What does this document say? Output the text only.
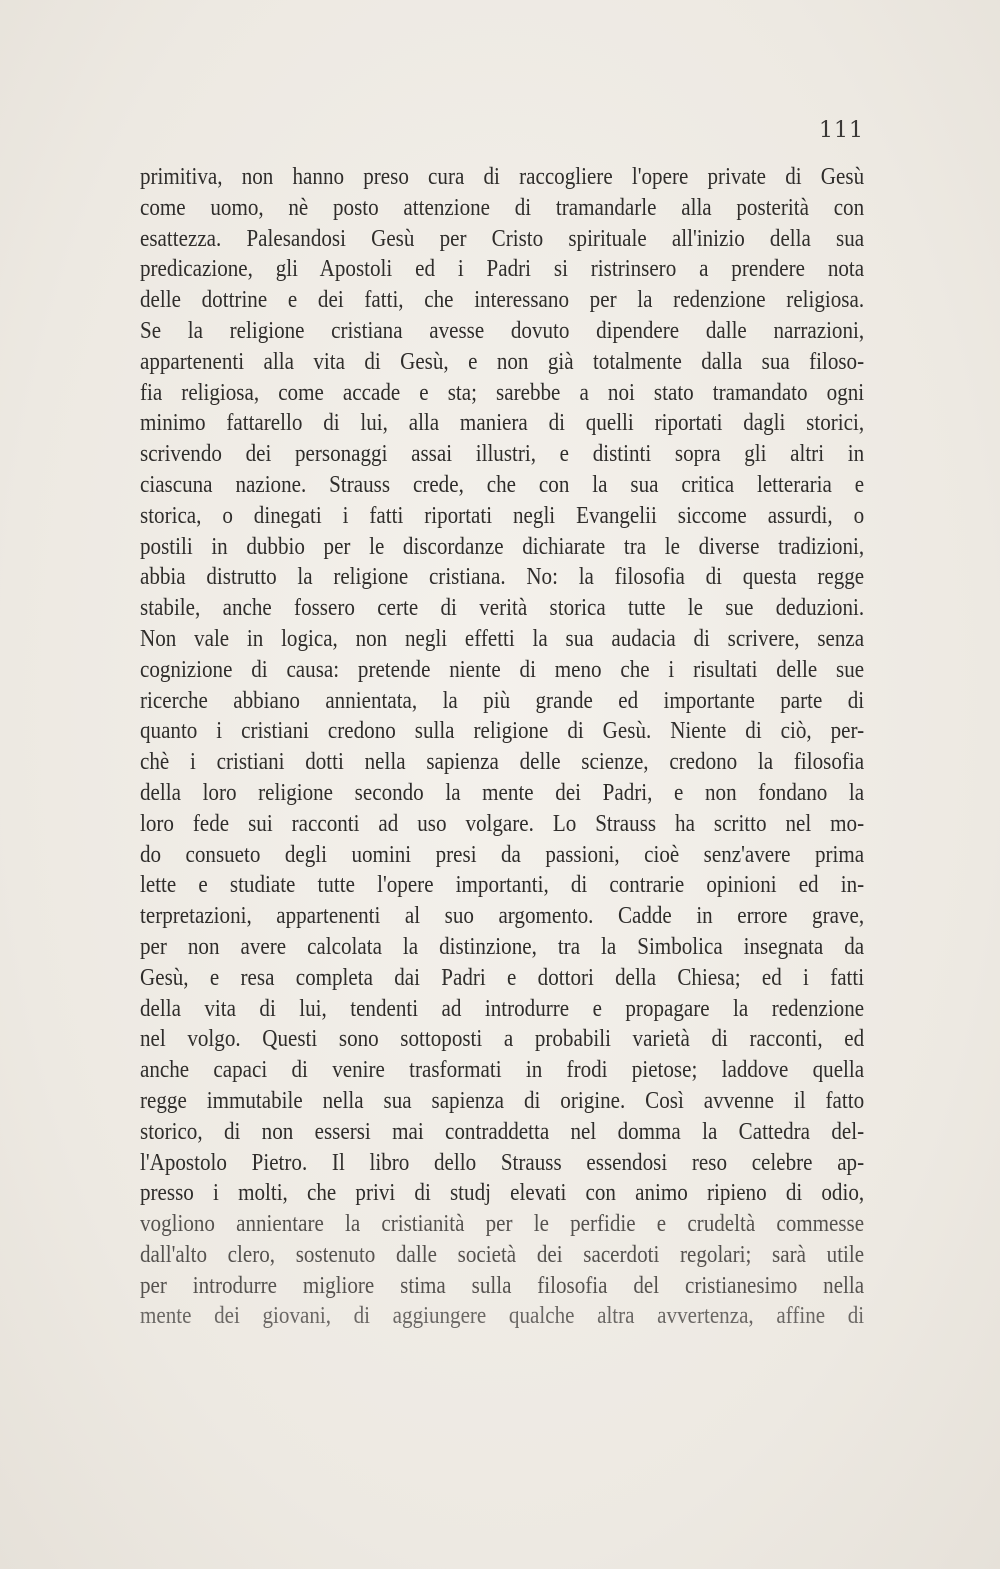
111
primitiva, non hanno preso cura di raccogliere l'opere private di Gesù
come uomo, nè posto attenzione di tramandarle alla posterità con
esattezza. Palesandosi Gesù per Cristo spirituale all'inizio della sua
predicazione, gli Apostoli ed i Padri si ristrinsero a prendere nota
delle dottrine e dei fatti, che interessano per la redenzione religiosa.
Se la religione cristiana avesse dovuto dipendere dalle narrazioni,
appartenenti alla vita di Gesù, e non già totalmente dalla sua filoso-
fia religiosa, come accade e sta; sarebbe a noi stato tramandato ogni
minimo fattarello di lui, alla maniera di quelli riportati dagli storici,
scrivendo dei personaggi assai illustri, e distinti sopra gli altri in
ciascuna nazione. Strauss crede, che con la sua critica letteraria e
storica, o dinegati i fatti riportati negli Evangelii siccome assurdi, o
postili in dubbio per le discordanze dichiarate tra le diverse tradizioni,
abbia distrutto la religione cristiana. No: la filosofia di questa regge
stabile, anche fossero certe di verità storica tutte le sue deduzioni.
Non vale in logica, non negli effetti la sua audacia di scrivere, senza
cognizione di causa: pretende niente di meno che i risultati delle sue
ricerche abbiano annientata, la più grande ed importante parte di
quanto i cristiani credono sulla religione di Gesù. Niente di ciò, per-
chè i cristiani dotti nella sapienza delle scienze, credono la filosofia
della loro religione secondo la mente dei Padri, e non fondano la
loro fede sui racconti ad uso volgare. Lo Strauss ha scritto nel mo-
do consueto degli uomini presi da passioni, cioè senz'avere prima
lette e studiate tutte l'opere importanti, di contrarie opinioni ed in-
terpretazioni, appartenenti al suo argomento. Cadde in errore grave,
per non avere calcolata la distinzione, tra la Simbolica insegnata da
Gesù, e resa completa dai Padri e dottori della Chiesa; ed i fatti
della vita di lui, tendenti ad introdurre e propagare la redenzione
nel volgo. Questi sono sottoposti a probabili varietà di racconti, ed
anche capaci di venire trasformati in frodi pietose; laddove quella
regge immutabile nella sua sapienza di origine. Così avvenne il fatto
storico, di non essersi mai contraddetta nel domma la Cattedra del-
l'Apostolo Pietro. Il libro dello Strauss essendosi reso celebre ap-
presso i molti, che privi di studj elevati con animo ripieno di odio,
vogliono annientare la cristianità per le perfidie e crudeltà commesse
dall'alto clero, sostenuto dalle società dei sacerdoti regolari; sarà utile
per introdurre migliore stima sulla filosofia del cristianesimo nella
mente dei giovani, di aggiungere qualche altra avvertenza, affine di
